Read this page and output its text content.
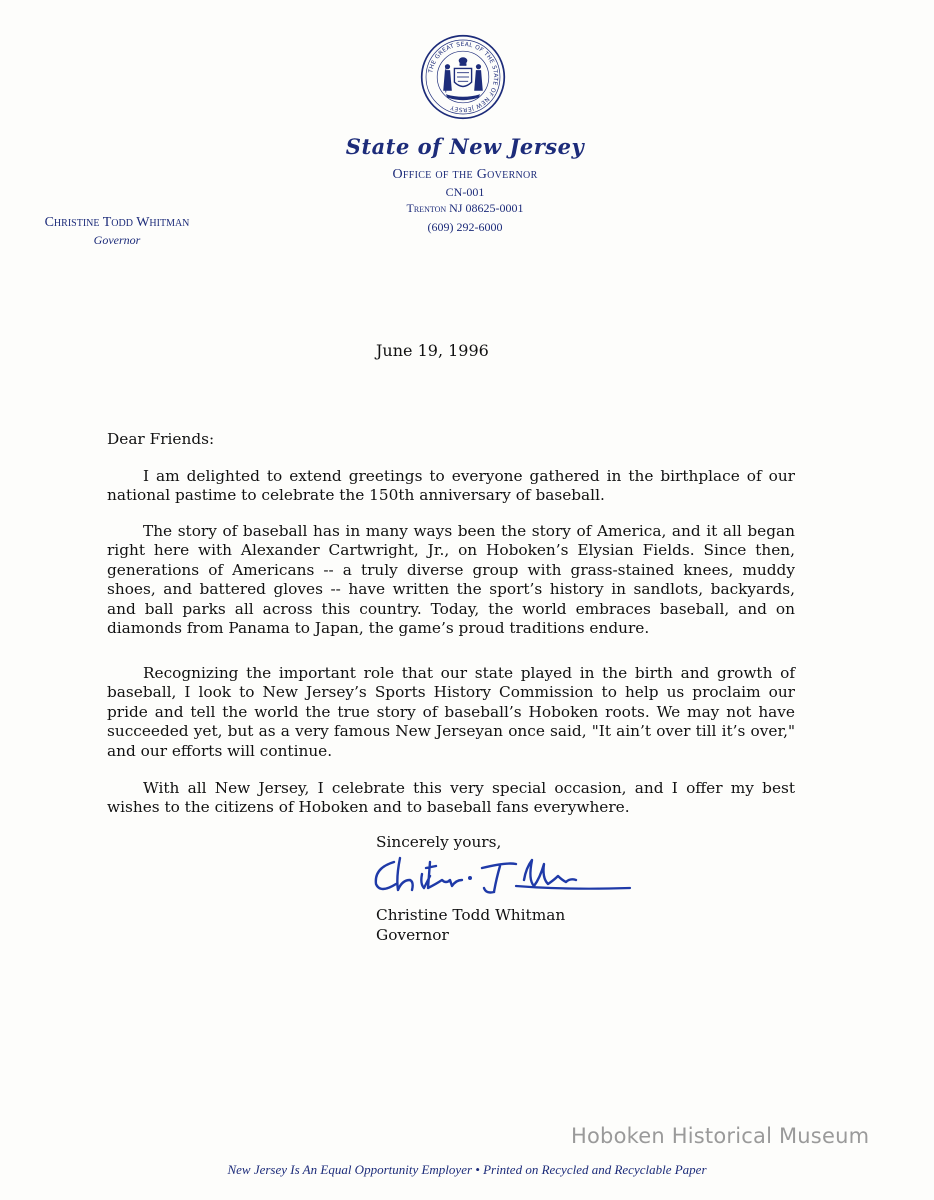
THE GREAT SEAL OF THE STATE OF NEW JERSEY
State of New Jersey
Office of the Governor
CN-001
Trenton NJ 08625-0001
(609) 292-6000
Christine Todd Whitman
Governor
June 19, 1996

Dear Friends:

I am delighted to extend greetings to everyone gathered in the birthplace of our national pastime to celebrate the 150th anniversary of baseball.

The story of baseball has in many ways been the story of America, and it all began right here with Alexander Cartwright, Jr., on Hoboken’s Elysian Fields. Since then, generations of Americans -- a truly diverse group with grass-stained knees, muddy shoes, and battered gloves -- have written the sport’s history in sandlots, backyards, and ball parks all across this country. Today, the world embraces baseball, and on diamonds from Panama to Japan, the game’s proud traditions endure.

Recognizing the important role that our state played in the birth and growth of baseball, I look to New Jersey’s Sports History Commission to help us proclaim our pride and tell the world the true story of baseball’s Hoboken roots. We may not have succeeded yet, but as a very famous New Jerseyan once said, "It ain’t over till it’s over," and our efforts will continue.

With all New Jersey, I celebrate this very special occasion, and I offer my best wishes to the citizens of Hoboken and to baseball fans everywhere.

Sincerely yours,
Christine Todd Whitman
Governor
Hoboken Historical Museum
New Jersey Is An Equal Opportunity Employer • Printed on Recycled and Recyclable Paper
